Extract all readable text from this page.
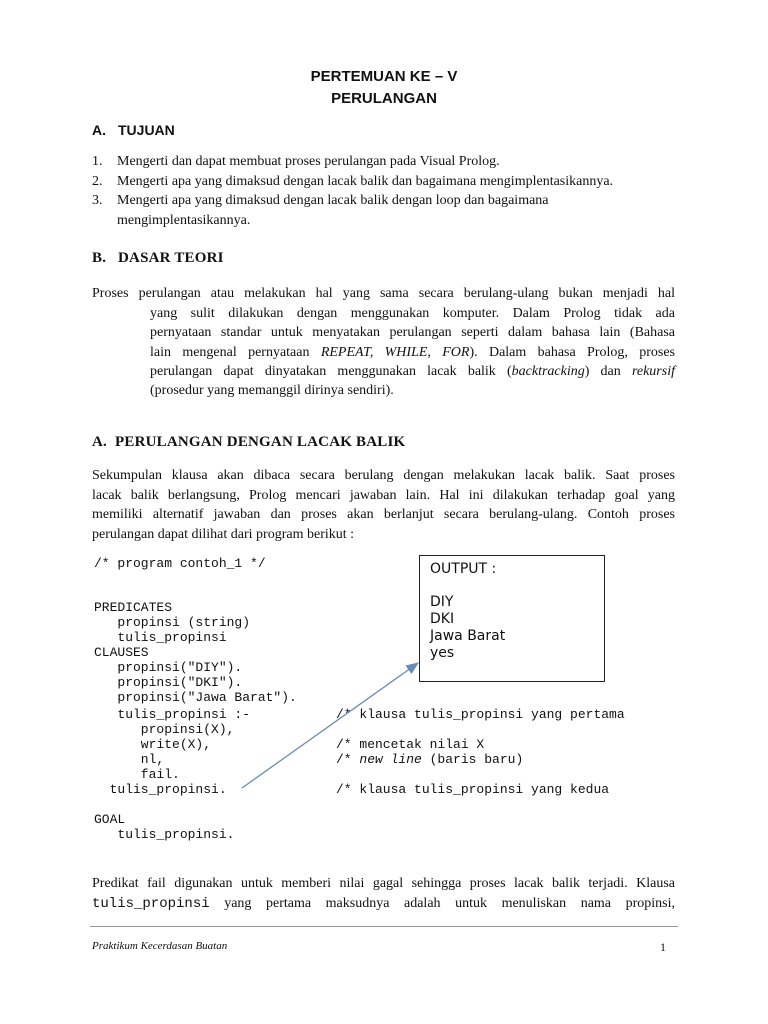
PERTEMUAN KE – V
PERULANGAN
A. TUJUAN
1. Mengerti dan dapat membuat proses perulangan pada Visual Prolog.
2. Mengerti apa yang dimaksud dengan lacak balik dan bagaimana mengimplentasikannya.
3. Mengerti apa yang dimaksud dengan lacak balik dengan loop dan bagaimana
mengimplentasikannya.
B. DASAR TEORI
Proses perulangan atau melakukan hal yang sama secara berulang-ulang bukan menjadi hal
yang sulit dilakukan dengan menggunakan komputer. Dalam Prolog tidak ada
pernyataan standar untuk menyatakan perulangan seperti dalam bahasa lain (Bahasa
lain mengenal pernyataan REPEAT, WHILE, FOR). Dalam bahasa Prolog, proses
perulangan dapat dinyatakan menggunakan lacak balik (backtracking) dan rekursif
(prosedur yang memanggil dirinya sendiri).
A. PERULANGAN DENGAN LACAK BALIK
Sekumpulan klausa akan dibaca secara berulang dengan melakukan lacak balik. Saat proses
lacak balik berlangsung, Prolog mencari jawaban lain. Hal ini dilakukan terhadap goal yang
memiliki alternatif jawaban dan proses akan berlanjut secara berulang-ulang. Contoh proses
perulangan dapat dilihat dari program berikut :
/* program contoh_1 */
PREDICATES
propinsi (string)
tulis_propinsi
CLAUSES
propinsi("DIY").
propinsi("DKI").
propinsi("Jawa Barat").
tulis_propinsi :-	/* klausa tulis_propinsi yang pertama
propinsi(X),
write(X),	/* mencetak nilai X
nl,	/* new line (baris baru)
fail.
tulis_propinsi.	/* klausa tulis_propinsi yang kedua
GOAL
tulis_propinsi.
OUTPUT :
DIY
DKI
Jawa Barat
yes
Predikat fail digunakan untuk memberi nilai gagal sehingga proses lacak balik terjadi. Klausa
tulis_propinsi yang pertama maksudnya adalah untuk menuliskan nama propinsi,
Praktikum Kecerdasan Buatan	1
